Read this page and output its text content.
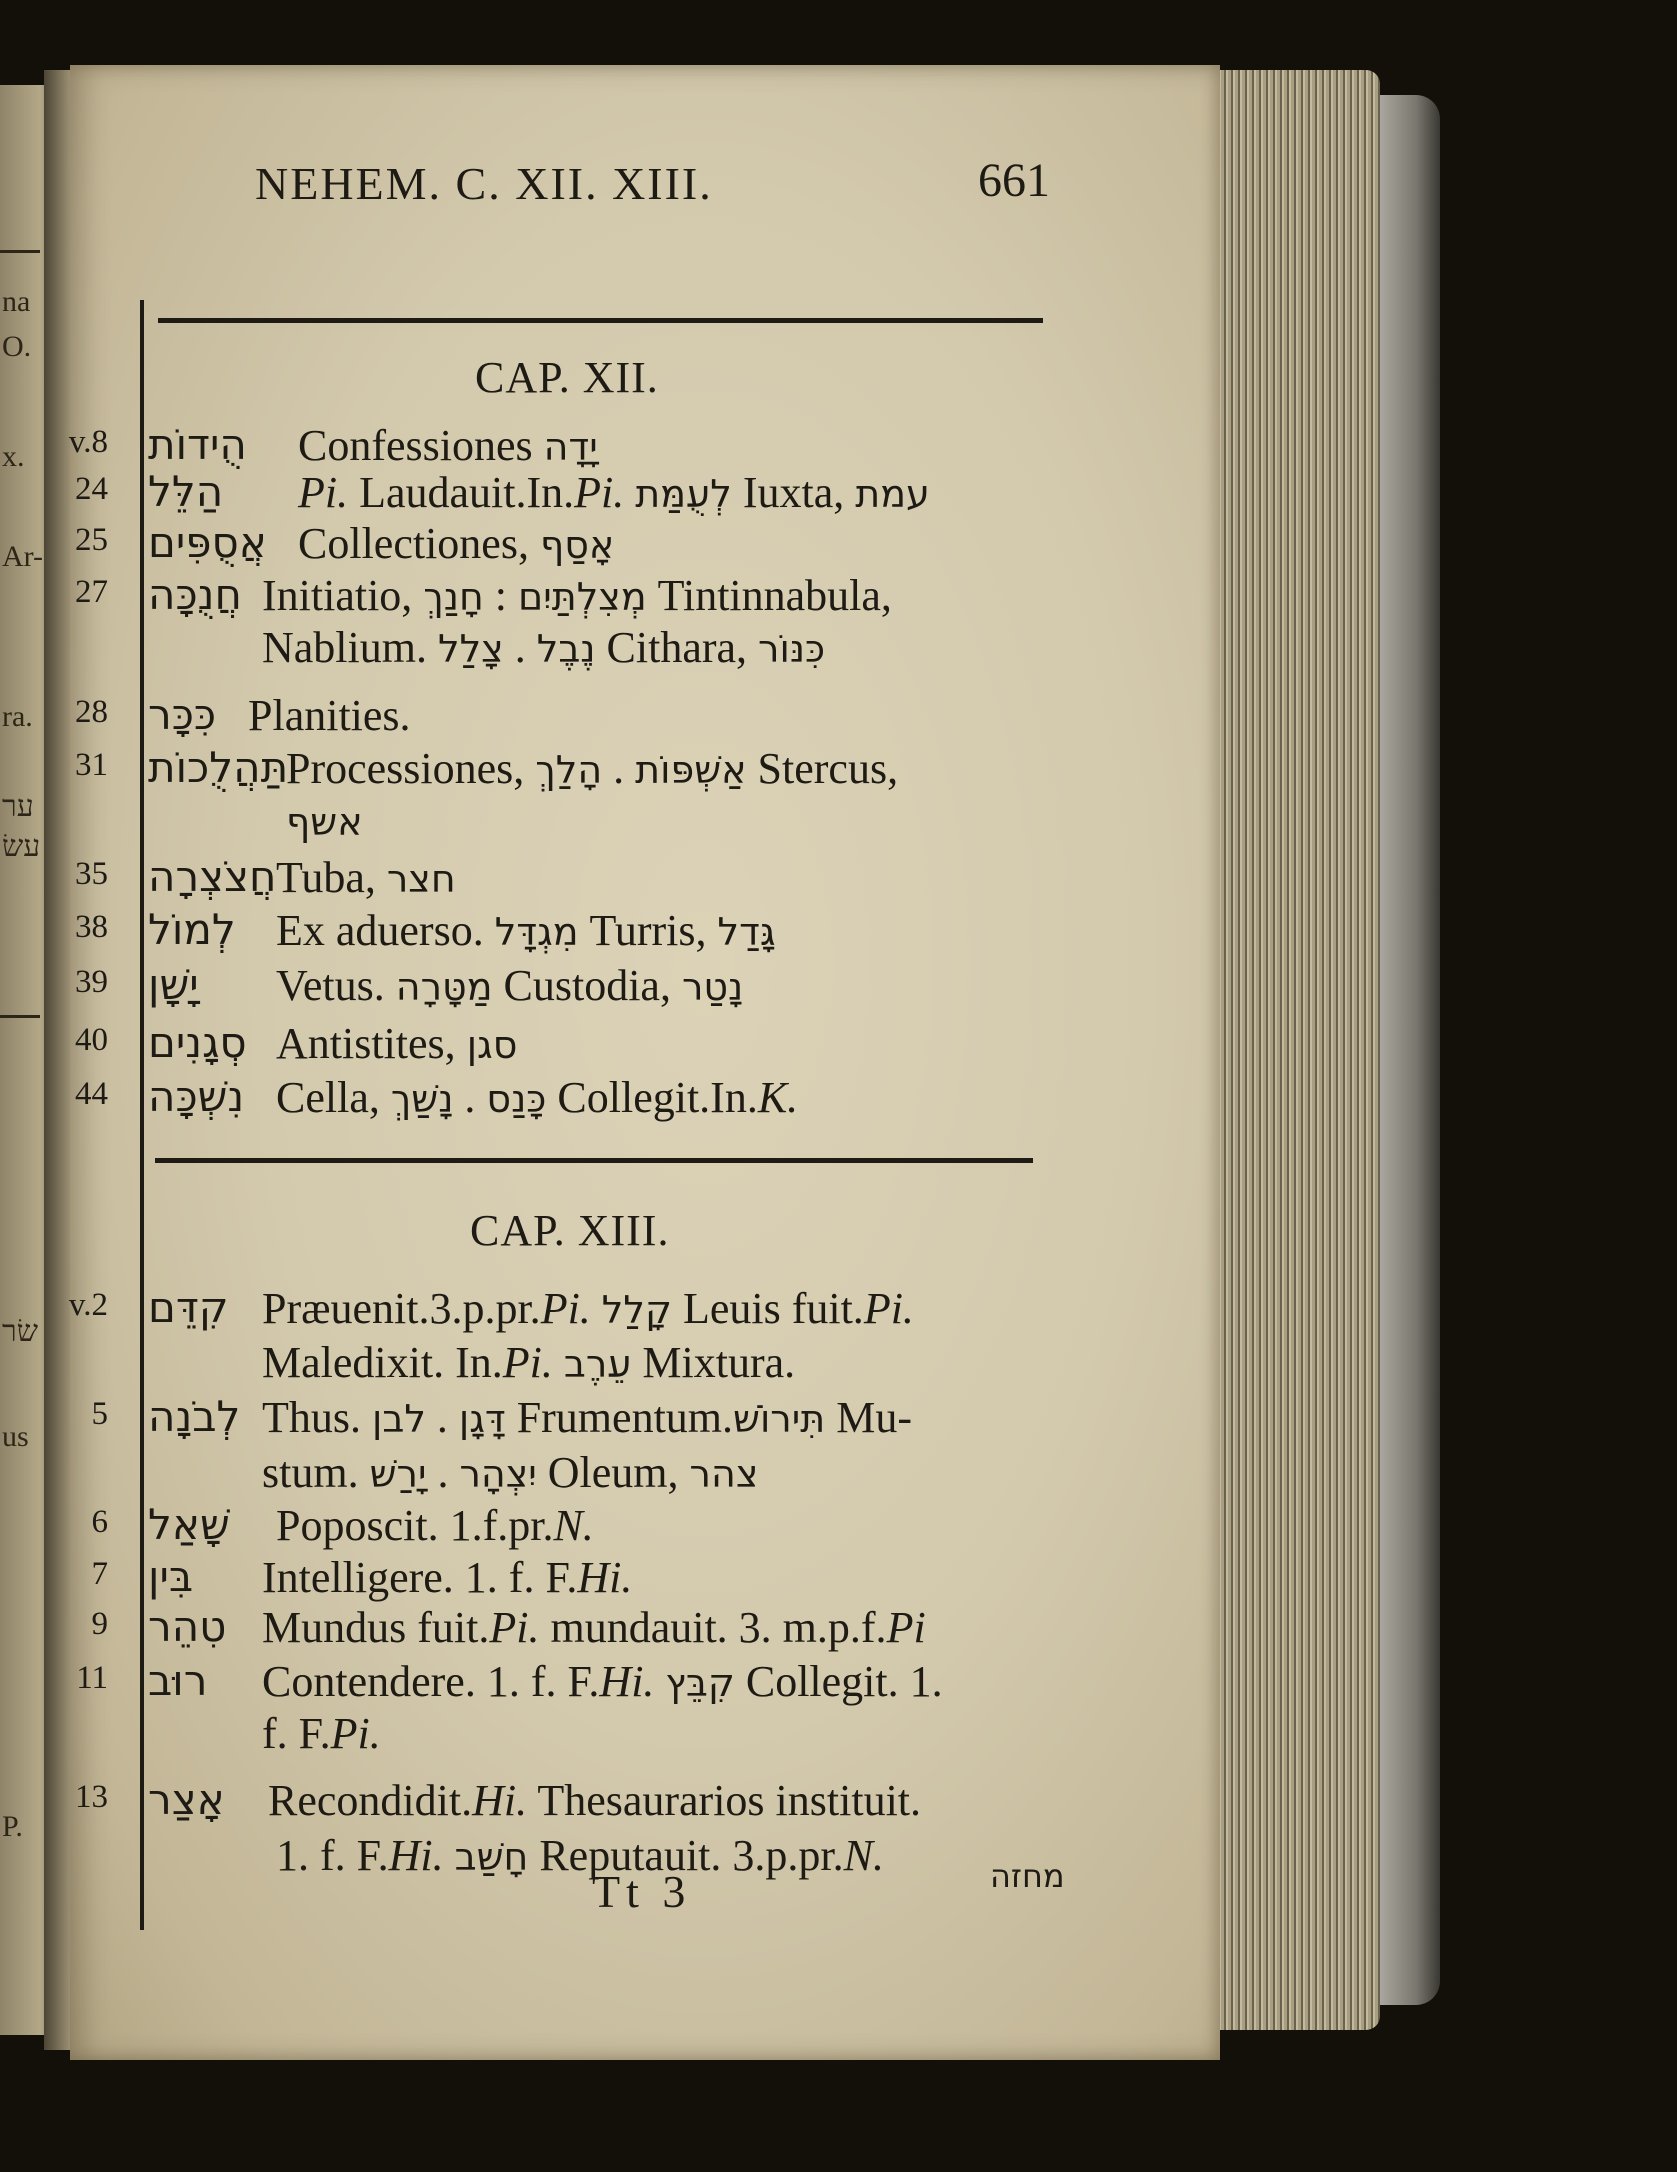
na
O.
x.
Ar-
ra.
ער
עשׂ
שׂר
us
P.
NEHEM. C. XII. XIII.	661
CAP. XII.
v.8 הֻידוֹת Confessiones יָדָה
24 הַלֵּל Pi. Laudauit.In.Pi. לְעֻמַּת Iuxta, עמת
25 אֲסֻפִּים Collectiones, אָסַף
27 חֲנֻכָּה Initiatio, חָנַךְ : מְצִלְתַּיִם Tintinnabula,
Nablium. צָלַל . נֶבֶל Cithara, כִּנּוֹר
28 כִּכָּר Planities.
31 תַּהֲלֻכוֹת
Processiones, הָלַךְ . אַשְׁפּוֹת Stercus,
אשף
35 חֲצֹצְרָה Tuba, חצר
38 לְמוֹל Ex aduerso. מִגְדָּל Turris, גָּדַל
39 יָשָׁן Vetus. מַטָּרָה Custodia, נָטַר
40 סְגָנִים Antistites, סגן
44 נִשְׁכָּה Cella, נָשַׁךְ . כָּנַס Collegit.In.K.
CAP. XIII.
v.2 קִדֵּם Præuenit.3.p.pr.Pi. קָלַל Leuis fuit.Pi.
Maledixit. In.Pi. עֵרֶב Mixtura.
5 לְבֹנָה Thus. לבן . דָּגָן Frumentum.תִּירוֹשׁ Mu-
stum. יָרַשׁ . יִצְהָר Oleum, צהר
6 שָׁאַל Poposcit. 1.f.pr.N.
7 בִּין Intelligere. 1. f. F.Hi.
9 טִהֵר Mundus fuit.Pi. mundauit. 3. m.p.f.Pi
11 רוּב Contendere. 1. f. F.Hi. קִבֵּץ Collegit. 1.
f. F.Pi.
13 אָצַר Recondidit.Hi. Thesaurarios instituit.
1. f. F.Hi. חָשַׁב Reputauit. 3.p.pr.N.
Tt 3	מחזה
